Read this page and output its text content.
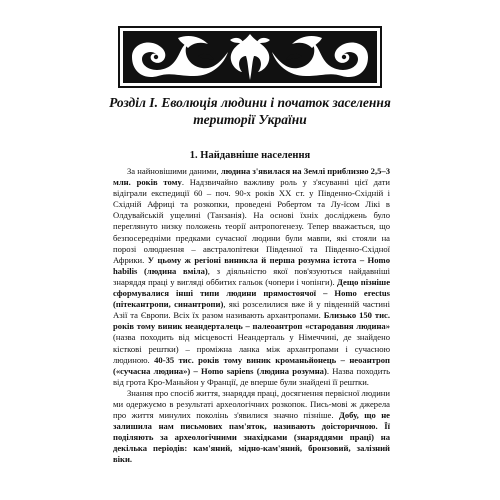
Розділ І. Еволюція людини і початок заселення
території України
1. Найдавніше населення

За найновішими даними, людина з'явилася на Землі приблизно 2,5–3 млн. років тому. Надзвичайно важливу роль у з'ясуванні цієї дати відіграли експедиції 60 – поч. 90-х років XX ст. у Південно-Східній і Східній Африці та розкопки, проведені Робертом та Лу-їсом Лікі в Олдувайській ущелині (Танзанія). На основі їхніх досліджень було переглянуто низку положень теорії антропогенезу. Тепер вважається, що безпосередніми предками сучасної людини були мавпи, які стояли на порозі олюднення – австралопітеки Південної та Південно-Східної Африки. У цьому ж регіоні виникла й перша розумна істота – Homo habilis (людина вміла), з діяльністю якої пов'язуються найдавніші знаряддя праці у вигляді оббитих гальок (чопери і чопінги). Дещо пізніше сформувалися інші типи людини прямостоячої – Homo erectus (пітекантропи, синантропи), які розселилися вже й у південній частині Азії та Європи. Всіх їх разом називають архантропами. Близько 150 тис. років тому виник неандерталець – палеоантроп «стародавня людина» (назва походить від місцевості Неандерталь у Німеччині, де знайдено кісткові рештки) – проміжна ланка між архантропами і сучасною людиною. 40-35 тис. років тому виник кроманьйонець – неоантроп («сучасна людина») – Homo sapiens (людина розумна). Назва походить від грота Кро-Маньйон у Франції, де вперше були знайдені її рештки.

Знання про спосіб життя, знаряддя праці, досягнення первісної людини ми одержуємо в результаті археологічних розкопок. Пись-мові ж джерела про життя минулих поколінь з'явилися значно пізніше. Добу, що не залишила нам письмових пам'яток, називають доісторичною. Її поділяють за археологічними знахідками (знаряддями праці) на декілька періодів: кам'яний, мідно-кам'яний, бронзовий, залізний віки.
